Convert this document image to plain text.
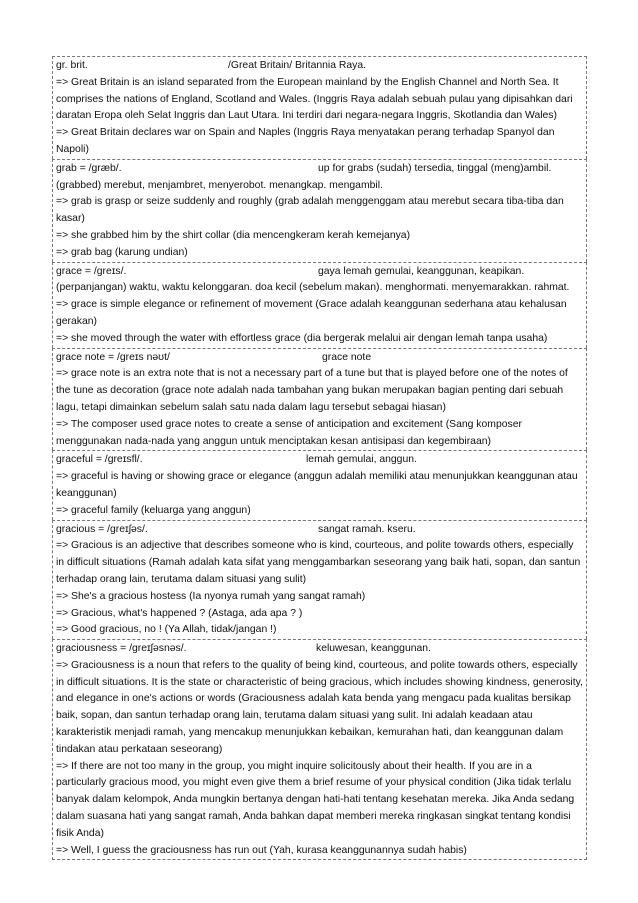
gr. brit.	/Great Britain/ Britannia Raya.
=> Great Britain is an island separated from the European mainland by the English Channel and North Sea. It comprises the nations of England, Scotland and Wales. (Inggris Raya adalah sebuah pulau yang dipisahkan dari daratan Eropa oleh Selat Inggris dan Laut Utara. Ini terdiri dari negara-negara Inggris, Skotlandia dan Wales)
=> Great Britain declares war on Spain and Naples (Inggris Raya menyatakan perang terhadap Spanyol dan Napoli)
grab = /græb/.	up for grabs (sudah) tersedia, tinggal (meng)ambil.
(grabbed) merebut, menjambret, menyerobot. menangkap. mengambil.
=> grab is grasp or seize suddenly and roughly (grab adalah menggenggam atau merebut secara tiba-tiba dan kasar)
=> she grabbed him by the shirt collar (dia mencengkeram kerah kemejanya)
=> grab bag (karung undian)
grace = /greɪs/.	gaya lemah gemulai, keanggunan, keapikan.
(perpanjangan) waktu, waktu kelonggaran. doa kecil (sebelum makan). menghormati. menyemarakkan. rahmat.
=> grace is simple elegance or refinement of movement (Grace adalah keanggunan sederhana atau kehalusan gerakan)
=> she moved through the water with effortless grace (dia bergerak melalui air dengan lemah tanpa usaha)
grace note = /greɪs nəʊt/	grace note
=> grace note is an extra note that is not a necessary part of a tune but that is played before one of the notes of the tune as decoration (grace note adalah nada tambahan yang bukan merupakan bagian penting dari sebuah lagu, tetapi dimainkan sebelum salah satu nada dalam lagu tersebut sebagai hiasan)
=> The composer used grace notes to create a sense of anticipation and excitement (Sang komposer menggunakan nada-nada yang anggun untuk menciptakan kesan antisipasi dan kegembiraan)
graceful = /greɪsfl/.	lemah gemulai, anggun.
=> graceful is having or showing grace or elegance (anggun adalah memiliki atau menunjukkan keanggunan atau keanggunan)
=> graceful family (keluarga yang anggun)
gracious = /greɪʃəs/.	sangat ramah. kseru.
=> Gracious is an adjective that describes someone who is kind, courteous, and polite towards others, especially in difficult situations (Ramah adalah kata sifat yang menggambarkan seseorang yang baik hati, sopan, dan santun terhadap orang lain, terutama dalam situasi yang sulit)
=> She's a gracious hostess (Ia nyonya rumah yang sangat ramah)
=> Gracious, what's happened ? (Astaga, ada apa ? )
=> Good gracious, no ! (Ya Allah, tidak/jangan !)
graciousness = /greɪʃəsnəs/.	keluwesan, keanggunan.
=> Graciousness is a noun that refers to the quality of being kind, courteous, and polite towards others, especially in difficult situations. It is the state or characteristic of being gracious, which includes showing kindness, generosity, and elegance in one's actions or words (Graciousness adalah kata benda yang mengacu pada kualitas bersikap baik, sopan, dan santun terhadap orang lain, terutama dalam situasi yang sulit. Ini adalah keadaan atau karakteristik menjadi ramah, yang mencakup menunjukkan kebaikan, kemurahan hati, dan keanggunan dalam tindakan atau perkataan seseorang)
=> If there are not too many in the group, you might inquire solicitously about their health. If you are in a particularly gracious mood, you might even give them a brief resume of your physical condition (Jika tidak terlalu banyak dalam kelompok, Anda mungkin bertanya dengan hati-hati tentang kesehatan mereka. Jika Anda sedang dalam suasana hati yang sangat ramah, Anda bahkan dapat memberi mereka ringkasan singkat tentang kondisi fisik Anda)
=> Well, I guess the graciousness has run out (Yah, kurasa keanggunannya sudah habis)
